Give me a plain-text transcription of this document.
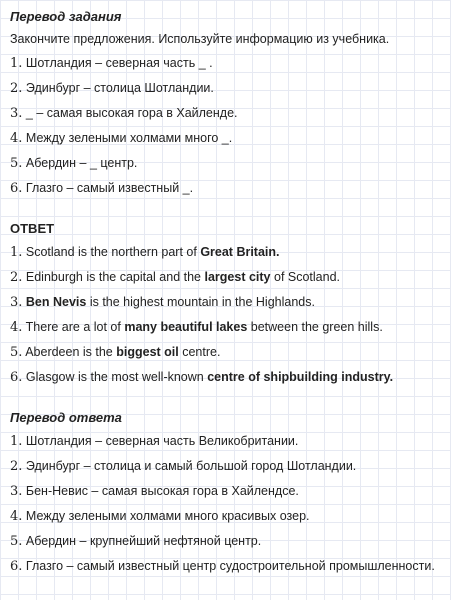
Перевод задания
Закончите предложения. Используйте информацию из учебника.
1. Шотландия – северная часть _ .
2. Эдинбург – столица Шотландии.
3. _ – самая высокая гора в Хайленде.
4. Между зелеными холмами много _.
5. Абердин – _ центр.
6. Глазго – самый известный _.
ОТВЕТ
1. Scotland is the northern part of Great Britain.
2. Edinburgh is the capital and the largest city of Scotland.
3. Ben Nevis is the highest mountain in the Highlands.
4. There are a lot of many beautiful lakes between the green hills.
5. Aberdeen is the biggest oil centre.
6. Glasgow is the most well-known centre of shipbuilding industry.
Перевод ответа
1. Шотландия – северная часть Великобритании.
2. Эдинбург – столица и самый большой город Шотландии.
3. Бен-Невис – самая высокая гора в Хайлендсе.
4. Между зелеными холмами много красивых озер.
5. Абердин – крупнейший нефтяной центр.
6. Глазго – самый известный центр судостроительной промышленности.
